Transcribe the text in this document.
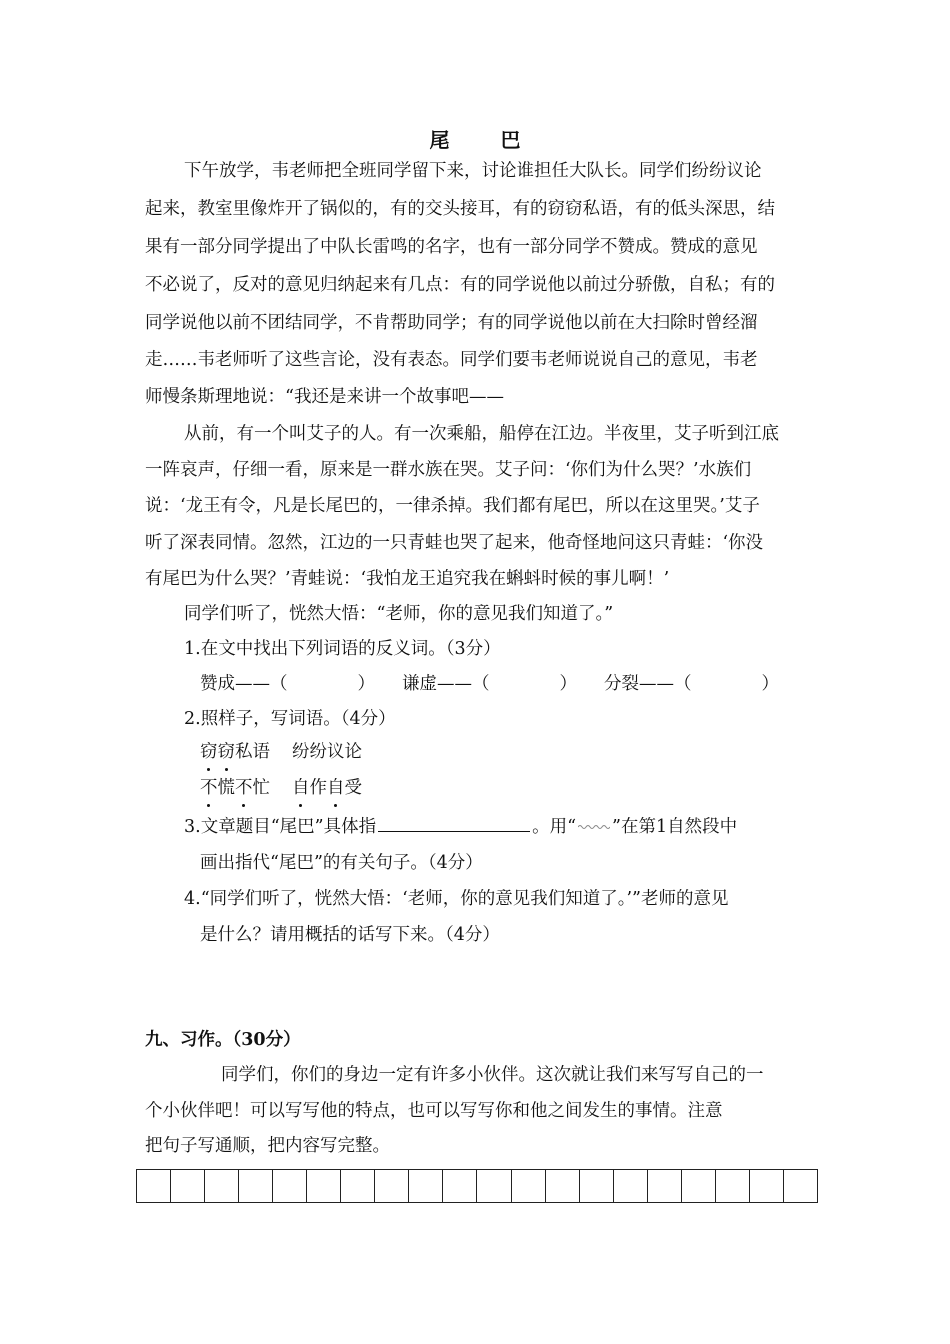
尾 巴
下午放学，韦老师把全班同学留下来，讨论谁担任大队长。同学们纷纷议论
起来，教室里像炸开了锅似的，有的交头接耳，有的窃窃私语，有的低头深思，结
果有一部分同学提出了中队长雷鸣的名字，也有一部分同学不赞成。赞成的意见
不必说了，反对的意见归纳起来有几点：有的同学说他以前过分骄傲，自私；有的
同学说他以前不团结同学，不肯帮助同学；有的同学说他以前在大扫除时曾经溜
走……韦老师听了这些言论，没有表态。同学们要韦老师说说自己的意见，韦老
师慢条斯理地说：“我还是来讲一个故事吧——
从前，有一个叫艾子的人。有一次乘船，船停在江边。半夜里，艾子听到江底
一阵哀声，仔细一看，原来是一群水族在哭。艾子问：‘你们为什么哭？’水族们
说：‘龙王有令，凡是长尾巴的，一律杀掉。我们都有尾巴，所以在这里哭。’艾子
听了深表同情。忽然，江边的一只青蛙也哭了起来，他奇怪地问这只青蛙：‘你没
有尾巴为什么哭？’青蛙说：‘我怕龙王追究我在蝌蚪时候的事儿啊！’
同学们听了，恍然大悟：“老师，你的意见我们知道了。”
1.在文中找出下列词语的反义词。（3分）
赞成——（　　　　） 谦虚——（　　　　） 分裂——（　　　　）
2.照样子，写词语。（4分）
窃窃私语 纷纷议论
不慌不忙 自作自受
3.文章题目“尾巴”具体指	。用“ ”在第1自然段中
画出指代“尾巴”的有关句子。（4分）
4.“同学们听了，恍然大悟：‘老师，你的意见我们知道了。’”老师的意见
是什么？请用概括的话写下来。（4分）
九、习作。（30分）
同学们，你们的身边一定有许多小伙伴。这次就让我们来写写自己的一
个小伙伴吧！可以写写他的特点，也可以写写你和他之间发生的事情。注意
把句子写通顺，把内容写完整。
